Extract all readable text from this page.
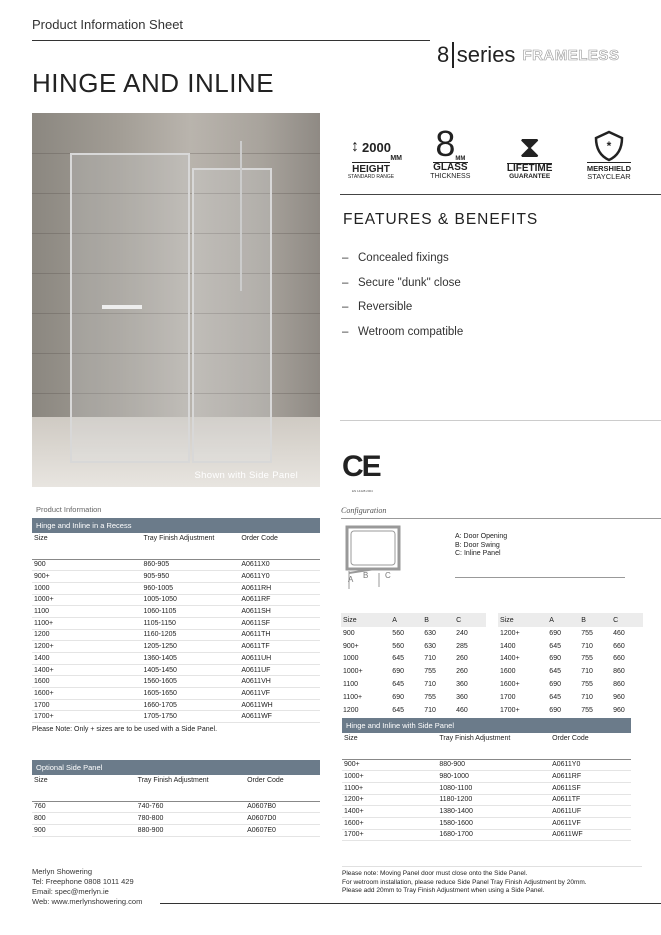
Product Information Sheet
8 series FRAMELESS
HINGE AND INLINE
Shown with Side Panel
↕ 2000
MM
HEIGHT
STANDARD RANGE
8 MM
GLASS
THICKNESS
⧗
LIFETIME
GUARANTEE
*
MERSHIELD
STAYCLEAR
FEATURES & BENEFITS
– Concealed fixings
– Secure "dunk" close
– Reversible
– Wetroom compatible
CE
EN 14428:2004
Product Information
Hinge and Inline in a Recess
Size	Tray Finish Adjustment	Order Code
900	860-905	A0611X0
900+	905-950	A0611Y0
1000	960-1005	A0611RH
1000+	1005-1050	A0611RF
1100	1060-1105	A0611SH
1100+	1105-1150	A0611SF
1200	1160-1205	A0611TH
1200+	1205-1250	A0611TF
1400	1360-1405	A0611UH
1400+	1405-1450	A0611UF
1600	1560-1605	A0611VH
1600+	1605-1650	A0611VF
1700	1660-1705	A0611WH
1700+	1705-1750	A0611WF
Please Note: Only + sizes are to be used with a Side Panel.
Optional Side Panel
Size	Tray Finish Adjustment	Order Code
760	740-760	A0607B0
800	780-800	A0607D0
900	880-900	A0607E0
Merlyn Showering
Tel: Freephone 0808 1011 429
Email: spec@merlyn.ie
Web: www.merlynshowering.com
Configuration
A B C
A: Door Opening
B: Door Swing
C: Inline Panel
Size	A	B	C
900	560	630	240
900+	560	630	285
1000	645	710	260
1000+	690	755	260
1100	645	710	360
1100+	690	755	360
1200	645	710	460
Size	A	B	C
1200+	690	755	460
1400	645	710	660
1400+	690	755	660
1600	645	710	860
1600+	690	755	860
1700	645	710	960
1700+	690	755	960
Hinge and Inline with Side Panel
Size	Tray Finish Adjustment	Order Code
900+	880-900	A0611Y0
1000+	980-1000	A0611RF
1100+	1080-1100	A0611SF
1200+	1180-1200	A0611TF
1400+	1380-1400	A0611UF
1600+	1580-1600	A0611VF
1700+	1680-1700	A0611WF
Please note: Moving Panel door must close onto the Side Panel.
For wetroom installation, please reduce Side Panel Tray Finish Adjustment by 20mm.
Please add 20mm to Tray Finish Adjustment when using a Side Panel.
